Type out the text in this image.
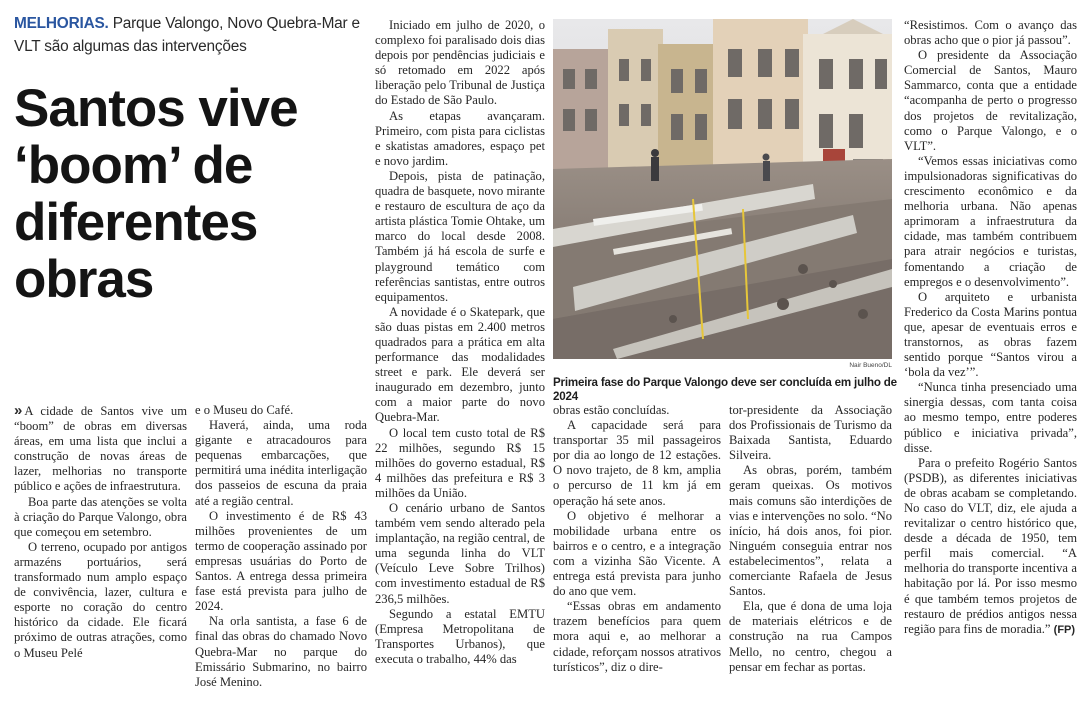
MELHORIAS. Parque Valongo, Novo Quebra-Mar e VLT são algumas das intervenções
Santos vive ‘boom’ de diferentes obras

» A cidade de Santos vive um “boom” de obras em diversas áreas, em uma lista que inclui a construção de novas áreas de lazer, melhorias no transporte público e ações de infraestrutura.

Boa parte das atenções se volta à criação do Parque Valongo, obra que começou em setembro.

O terreno, ocupado por antigos armazéns portuários, será transformado num amplo espaço de convivência, lazer, cultura e esporte no coração do centro histórico da cidade. Ele ficará próximo de outras atrações, como o Museu Pelé

e o Museu do Café.

Haverá, ainda, uma roda gigante e atracadouros para pequenas embarcações, que permitirá uma inédita interligação dos passeios de escuna da praia até a região central.

O investimento é de R$ 43 milhões provenientes de um termo de cooperação assinado por empresas usuárias do Porto de Santos. A entrega dessa primeira fase está prevista para julho de 2024.

Na orla santista, a fase 6 de final das obras do chamado Novo Quebra-Mar no parque do Emissário Submarino, no bairro José Menino.

Iniciado em julho de 2020, o complexo foi paralisado dois dias depois por pendências judiciais e só retomado em 2022 após liberação pelo Tribunal de Justiça do Estado de São Paulo.

As etapas avançaram. Primeiro, com pista para ciclistas e skatistas amadores, espaço pet e novo jardim.

Depois, pista de patinação, quadra de basquete, novo mirante e restauro de escultura de aço da artista plástica Tomie Ohtake, um marco do local desde 2008. Também já há escola de surfe e playground temático com referências santistas, entre outros equipamentos.

A novidade é o Skatepark, que são duas pistas em 2.400 metros quadrados para a prática em alta performance das modalidades street e park. Ele deverá ser inaugurado em dezembro, junto com a maior parte do novo Quebra-Mar.

O local tem custo total de R$ 22 milhões, segundo R$ 15 milhões do governo estadual, R$ 4 milhões das prefeitura e R$ 3 milhões da União.

O cenário urbano de Santos também vem sendo alterado pela implantação, na região central, de uma segunda linha do VLT (Veículo Leve Sobre Trilhos) com investimento estadual de R$ 236,5 milhões.

Segundo a estatal EMTU (Empresa Metropolitana de Transportes Urbanos), que executa o trabalho, 44% das

Nair Bueno/DL
Primeira fase do Parque Valongo deve ser concluída em julho de 2024

obras estão concluídas.

A capacidade será para transportar 35 mil passageiros por dia ao longo de 12 estações. O novo trajeto, de 8 km, amplia o percurso de 11 km já em operação há sete anos.

O objetivo é melhorar a mobilidade urbana entre os bairros e o centro, e a integração com a vizinha São Vicente. A entrega está prevista para junho do ano que vem.

“Essas obras em andamento trazem benefícios para quem mora aqui e, ao melhorar a cidade, reforçam nossos atrativos turísticos”, diz o dire-

tor-presidente da Associação dos Profissionais de Turismo da Baixada Santista, Eduardo Silveira.

As obras, porém, também geram queixas. Os motivos mais comuns são interdições de vias e intervenções no solo. “No início, há dois anos, foi pior. Ninguém conseguia entrar nos estabelecimentos”, relata a comerciante Rafaela de Jesus Santos.

Ela, que é dona de uma loja de materiais elétricos e de construção na rua Campos Mello, no centro, chegou a pensar em fechar as portas.

“Resistimos. Com o avanço das obras acho que o pior já passou”.

O presidente da Associação Comercial de Santos, Mauro Sammarco, conta que a entidade “acompanha de perto o progresso dos projetos de revitalização, como o Parque Valongo, e o VLT”.

“Vemos essas iniciativas como impulsionadoras significativas do crescimento econômico e da melhoria urbana. Não apenas aprimoram a infraestrutura da cidade, mas também contribuem para atrair negócios e turistas, fomentando a criação de empregos e o desenvolvimento”.

O arquiteto e urbanista Frederico da Costa Marins pontua que, apesar de eventuais erros e transtornos, as obras fazem sentido porque “Santos virou a ‘bola da vez’”.

“Nunca tinha presenciado uma sinergia dessas, com tanta coisa ao mesmo tempo, entre poderes público e iniciativa privada”, disse.

Para o prefeito Rogério Santos (PSDB), as diferentes iniciativas de obras acabam se completando. No caso do VLT, diz, ele ajuda a revitalizar o centro histórico que, desde a década de 1950, tem perfil mais comercial. “A melhoria do transporte incentiva a habitação por lá. Por isso mesmo é que também temos projetos de restauro de prédios antigos nessa região para fins de moradia.” (FP)
